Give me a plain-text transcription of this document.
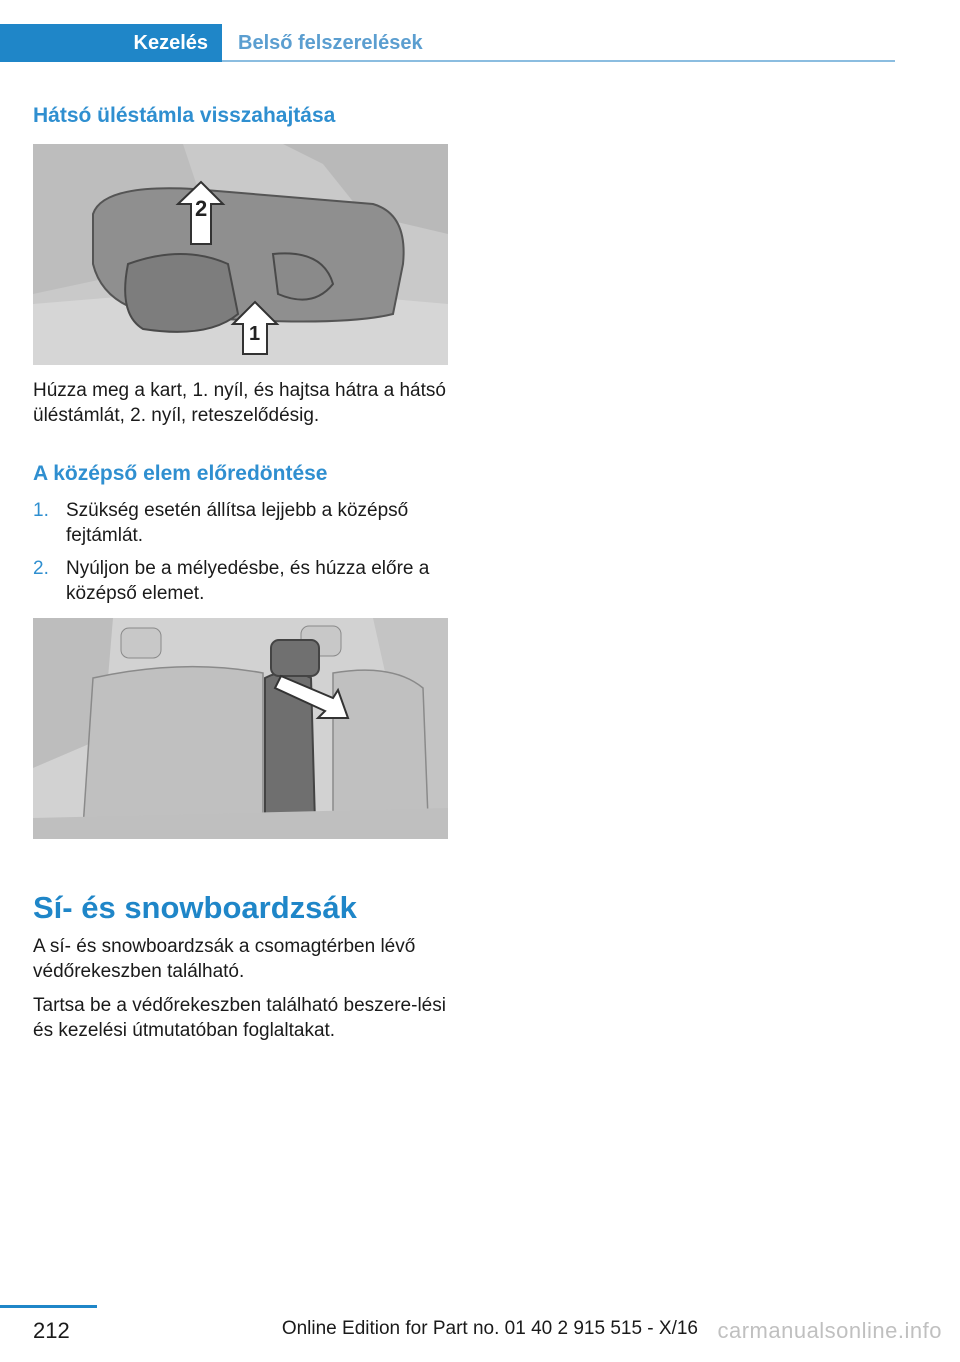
Kezelés Belső felszerelések
Hátsó üléstámla visszahajtása
2
1

Húzza meg a kart, 1. nyíl, és hajtsa hátra a hátsó üléstámlát, 2. nyíl, reteszelődésig.

A középső elem előredöntése
1. Szükség esetén állítsa lejjebb a középső fejtámlát.
2. Nyúljon be a mélyedésbe, és húzza előre a középső elemet.
Sí- és snowboardzsák

A sí- és snowboardzsák a csomagtérben lévő védőrekeszben található.

Tartsa be a védőrekeszben található beszere-lési és kezelési útmutatóban foglaltakat.

212	Online Edition for Part no. 01 40 2 915 515 - X/16 carmanualsonline.info
